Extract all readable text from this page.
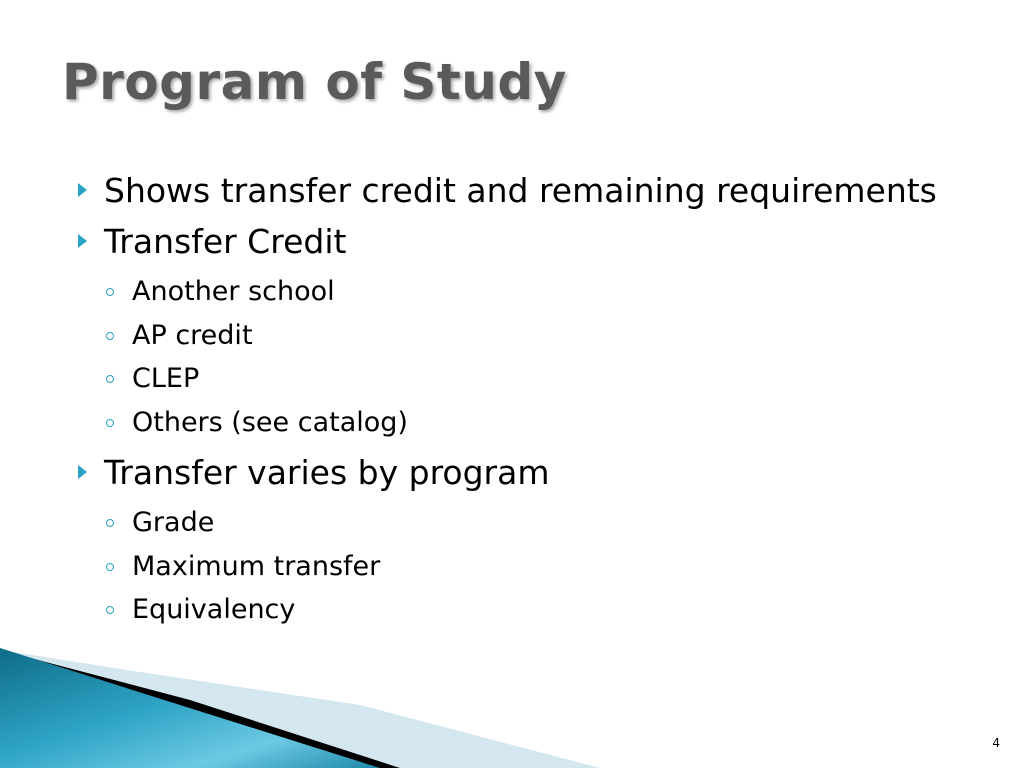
Program of Study
Shows transfer credit and remaining requirements
Transfer Credit
Another school
AP credit
CLEP
Others (see catalog)
Transfer varies by program
Grade
Maximum transfer
Equivalency
4
